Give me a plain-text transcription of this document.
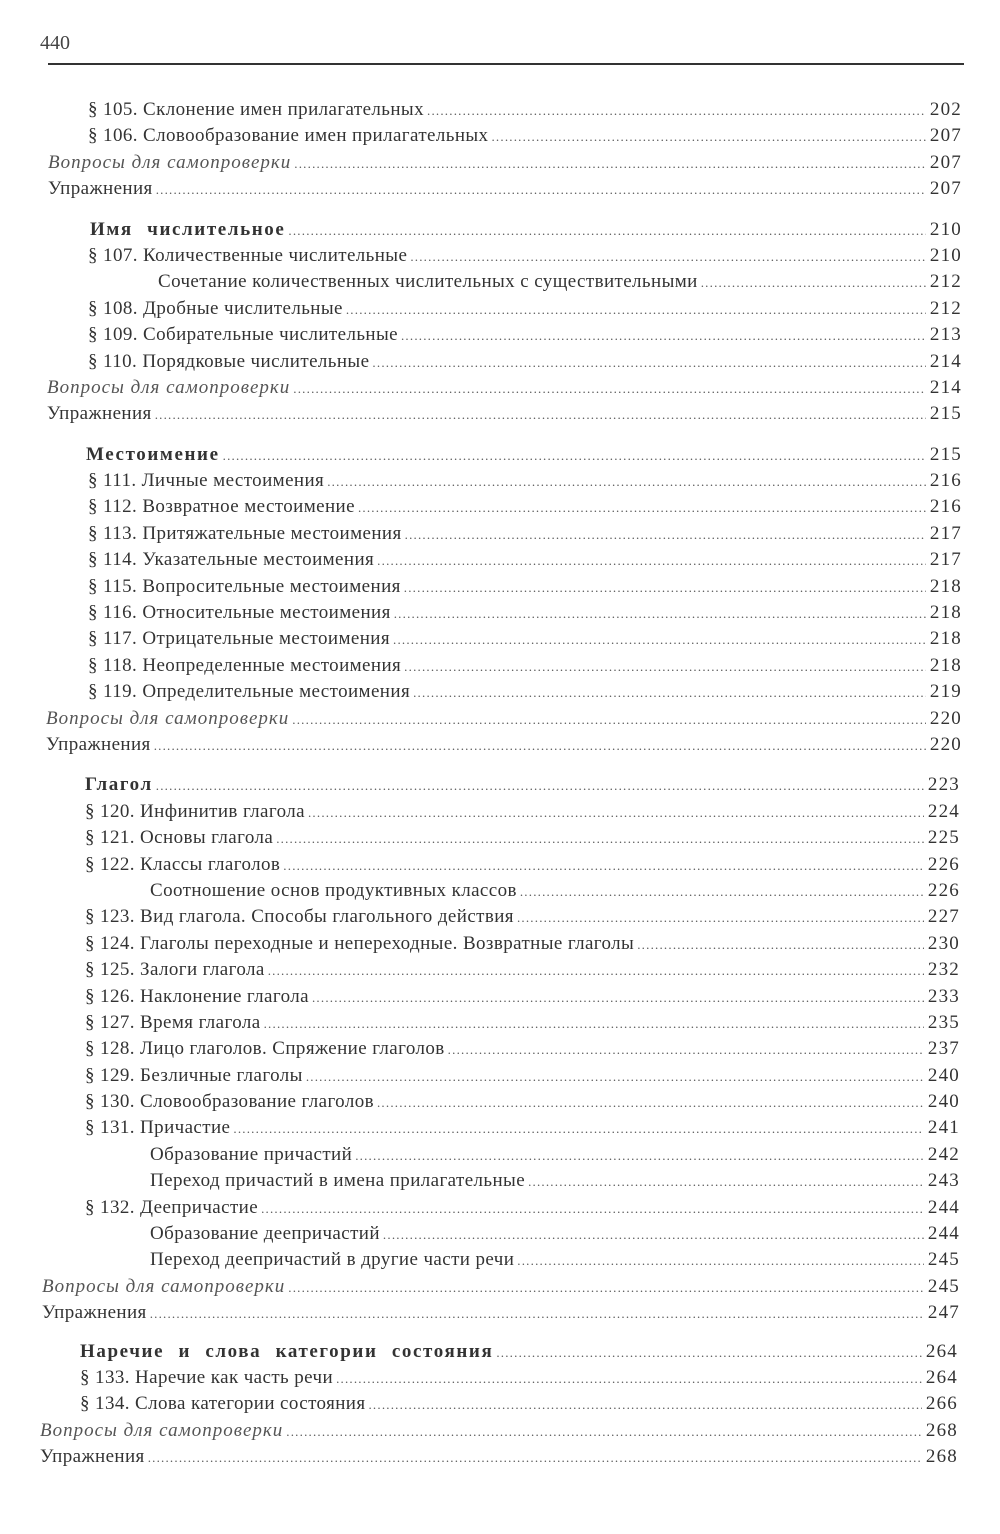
440
§ 105. Склонение имен прилагательных .....	202
§ 106. Словообразование имен прилагательных .....	207
Вопросы для самопроверки .....	207
Упражнения .....	207
Имя числительное .....	210
§ 107. Количественные числительные .....	210
Сочетание количественных числительных с существительными .....	212
§ 108. Дробные числительные .....	212
§ 109. Собирательные числительные .....	213
§ 110. Порядковые числительные .....	214
Вопросы для самопроверки .....	214
Упражнения .....	215
Местоимение .....	215
§ 111. Личные местоимения .....	216
§ 112. Возвратное местоимение .....	216
§ 113. Притяжательные местоимения .....	217
§ 114. Указательные местоимения .....	217
§ 115. Вопросительные местоимения .....	218
§ 116. Относительные местоимения .....	218
§ 117. Отрицательные местоимения .....	218
§ 118. Неопределенные местоимения .....	218
§ 119. Определительные местоимения .....	219
Вопросы для самопроверки .....	220
Упражнения .....	220
Глагол .....	223
§ 120. Инфинитив глагола .....	224
§ 121. Основы глагола .....	225
§ 122. Классы глаголов .....	226
Соотношение основ продуктивных классов .....	226
§ 123. Вид глагола. Способы глагольного действия .....	227
§ 124. Глаголы переходные и непереходные. Возвратные глаголы .....	230
§ 125. Залоги глагола .....	232
§ 126. Наклонение глагола .....	233
§ 127. Время глагола .....	235
§ 128. Лицо глаголов. Спряжение глаголов .....	237
§ 129. Безличные глаголы .....	240
§ 130. Словообразование глаголов .....	240
§ 131. Причастие .....	241
Образование причастий .....	242
Переход причастий в имена прилагательные .....	243
§ 132. Деепричастие .....	244
Образование деепричастий .....	244
Переход деепричастий в другие части речи .....	245
Вопросы для самопроверки .....	245
Упражнения .....	247
Наречие и слова категории состояния .....	264
§ 133. Наречие как часть речи .....	264
§ 134. Слова категории состояния .....	266
Вопросы для самопроверки .....	268
Упражнения .....	268
